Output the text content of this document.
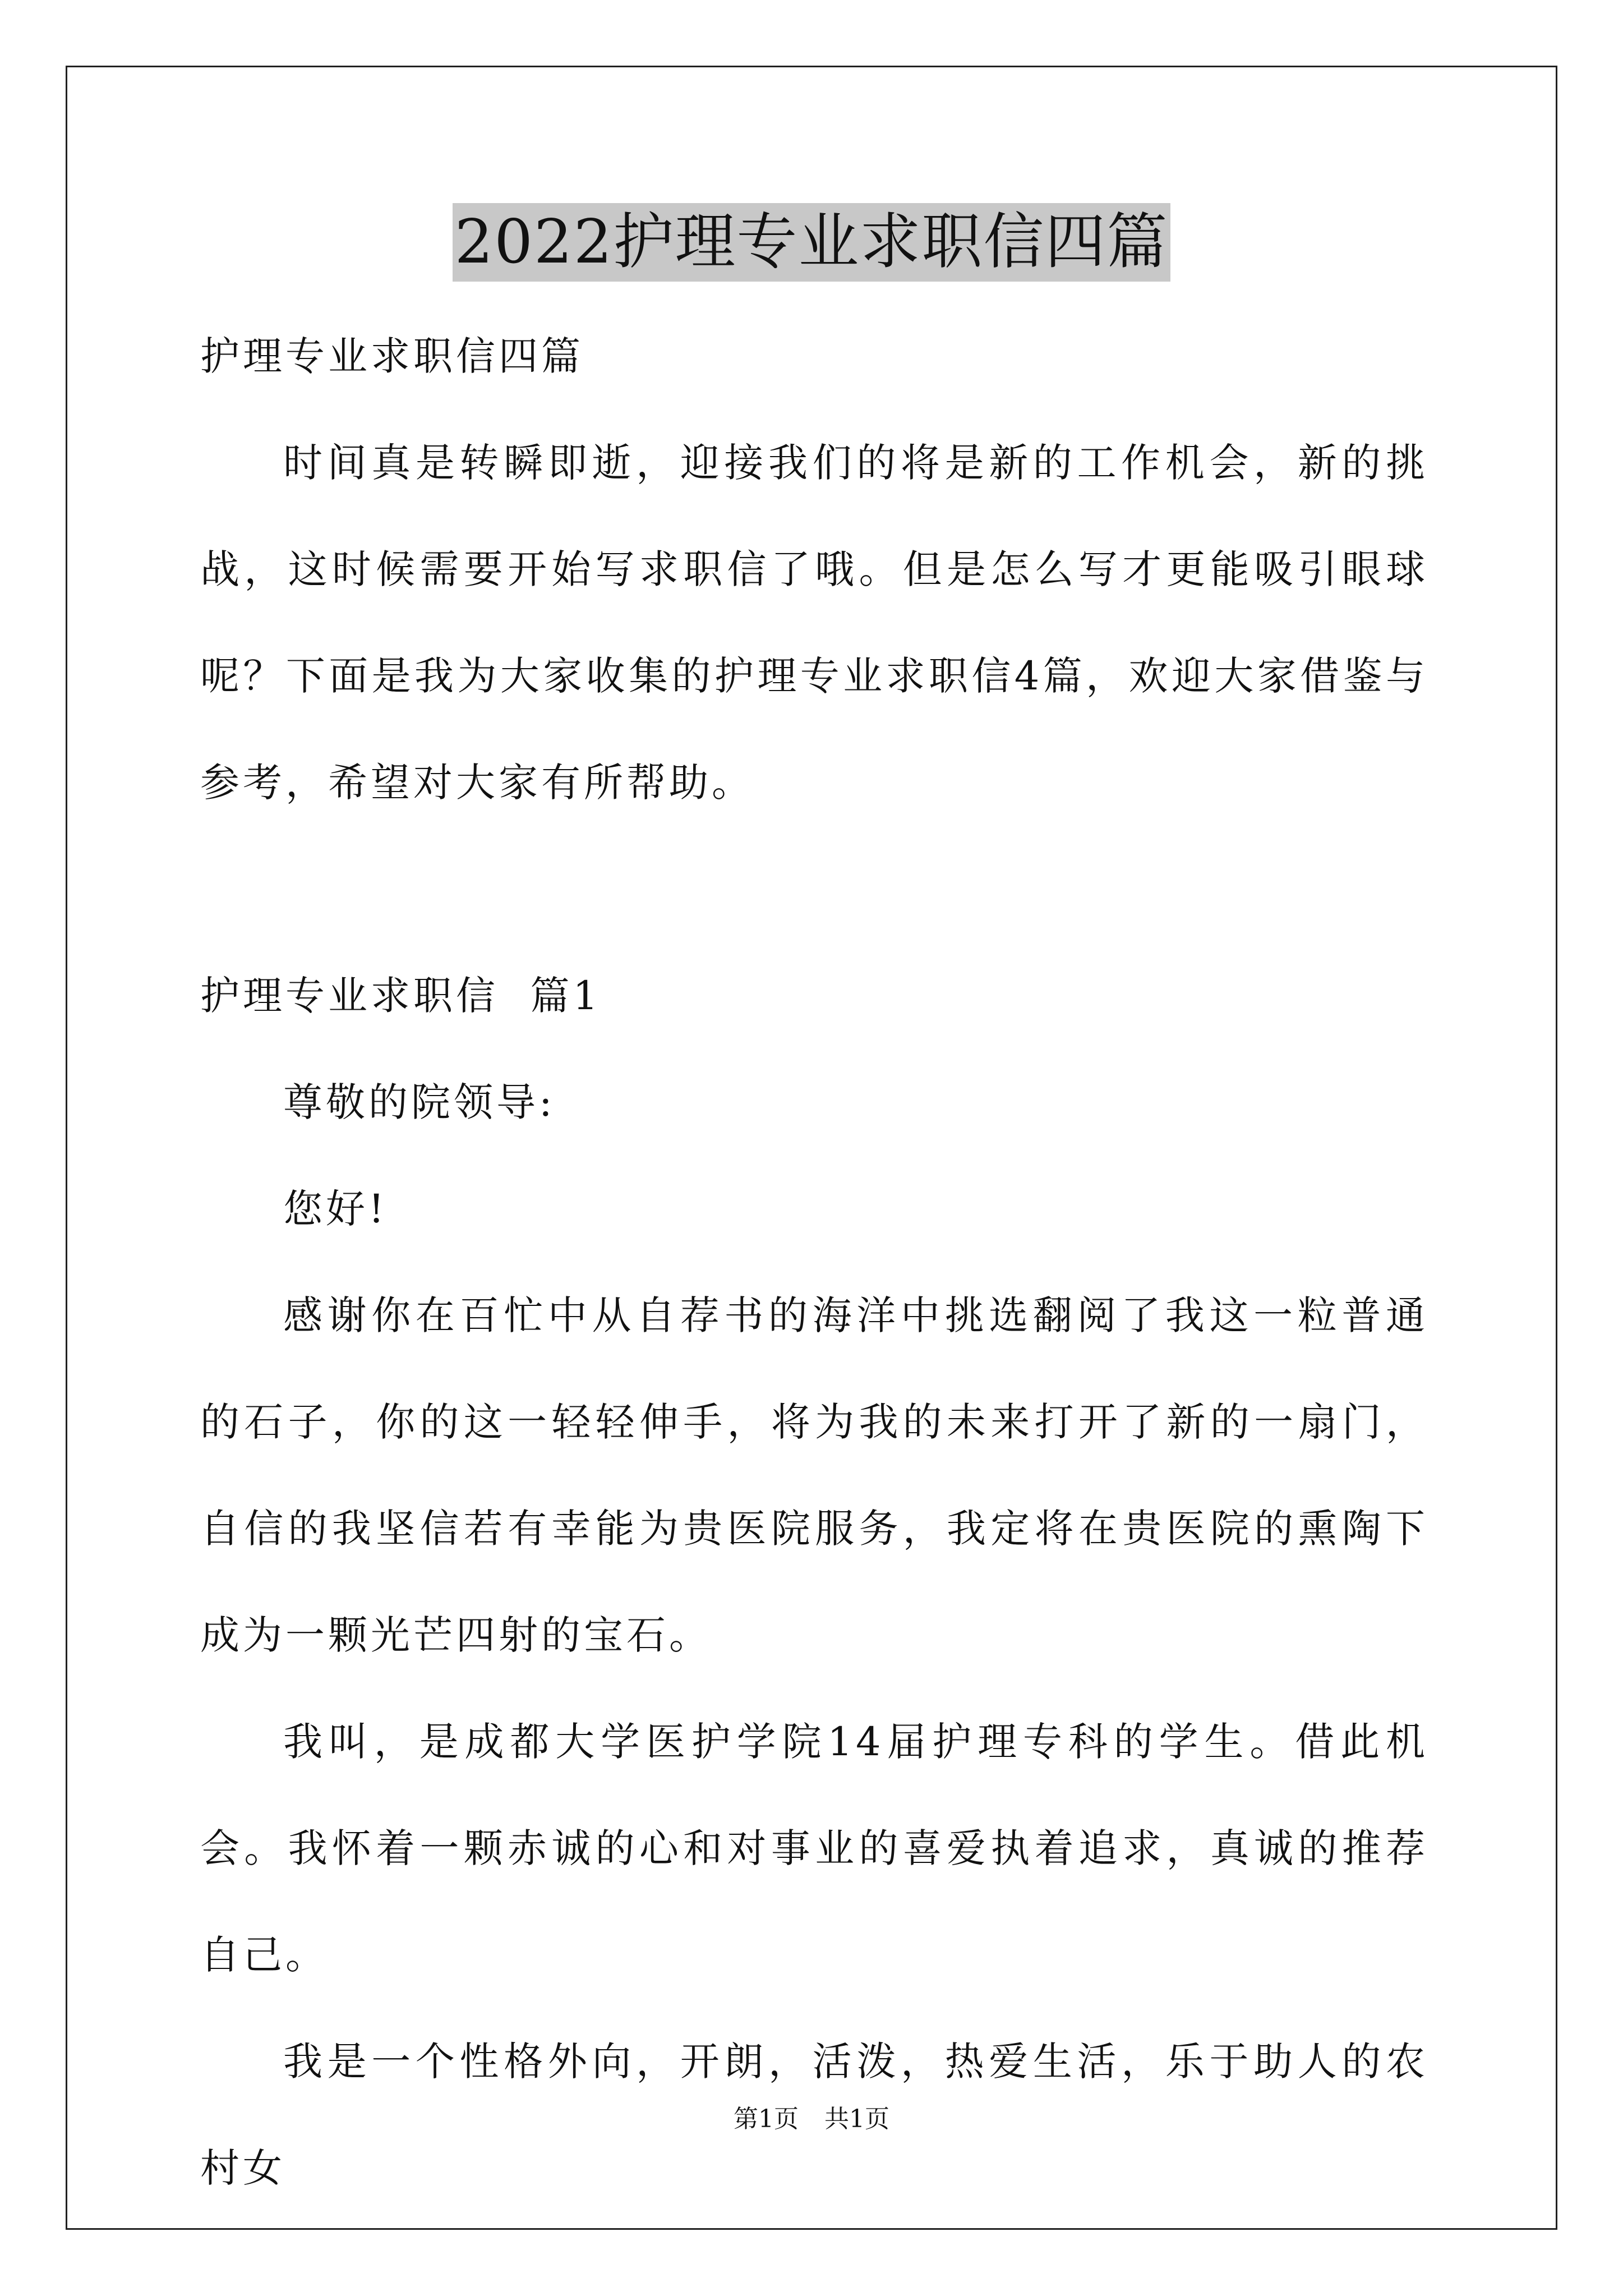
2022护理专业求职信四篇

护理专业求职信四篇

时间真是转瞬即逝，迎接我们的将是新的工作机会，新的挑战，这时候需要开始写求职信了哦。但是怎么写才更能吸引眼球呢？下面是我为大家收集的护理专业求职信4篇，欢迎大家借鉴与参考，希望对大家有所帮助。

护理专业求职信  篇1

尊敬的院领导:

您好!

感谢你在百忙中从自荐书的海洋中挑选翻阅了我这一粒普通的石子，你的这一轻轻伸手，将为我的未来打开了新的一扇门，自信的我坚信若有幸能为贵医院服务，我定将在贵医院的熏陶下成为一颗光芒四射的宝石。

我叫，是成都大学医护学院14届护理专科的学生。借此机会。我怀着一颗赤诚的心和对事业的喜爱执着追求，真诚的推荐自己。

我是一个性格外向，开朗，活泼，热爱生活，乐于助人的农村女

第1页 共1页
